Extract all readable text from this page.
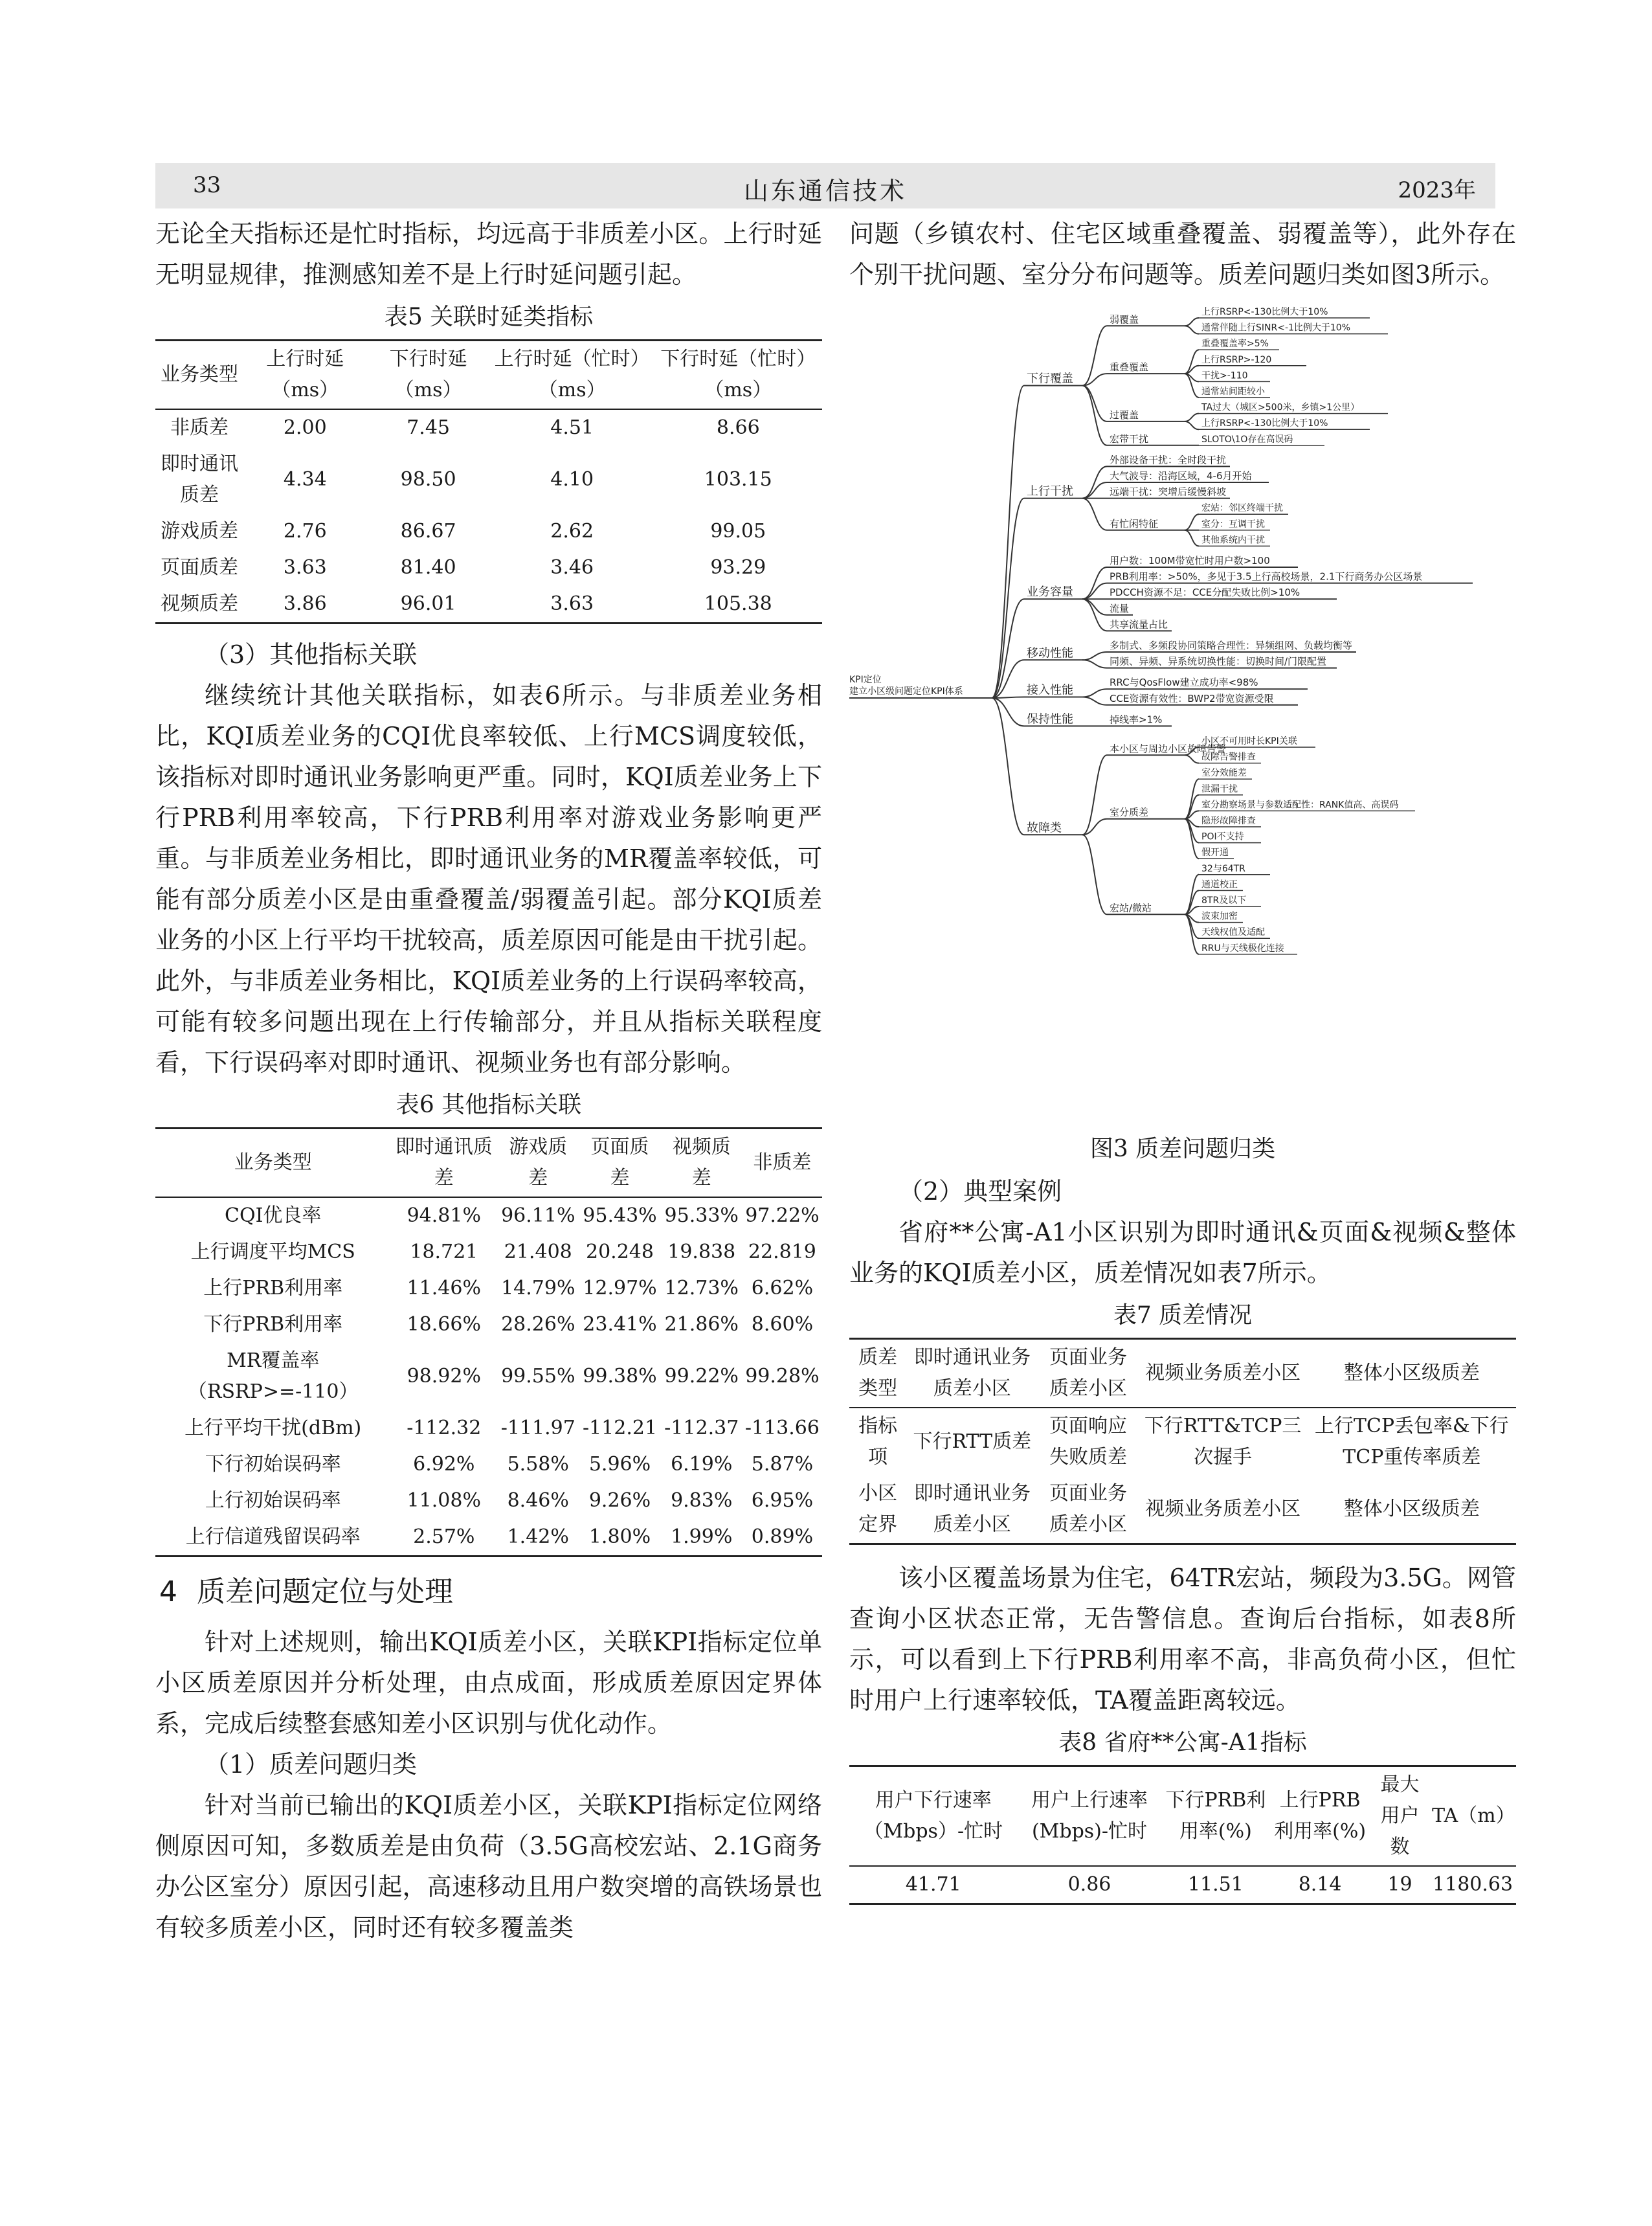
33	山东通信技术	2023年

无论全天指标还是忙时指标，均远高于非质差小区。上行时延无明显规律，推测感知差不是上行时延问题引起。

表5 关联时延类指标
业务类型	上行时延（ms）	下行时延（ms）	上行时延（忙时）（ms）	下行时延（忙时）（ms）
非质差	2.00	7.45	4.51	8.66
即时通讯质差	4.34	98.50	4.10	103.15
游戏质差	2.76	86.67	2.62	99.05
页面质差	3.63	81.40	3.46	93.29
视频质差	3.86	96.01	3.63	105.38
（3）其他指标关联

继续统计其他关联指标，如表6所示。与非质差业务相比，KQI质差业务的CQI优良率较低、上行MCS调度较低，该指标对即时通讯业务影响更严重。同时，KQI质差业务上下行PRB利用率较高，下行PRB利用率对游戏业务影响更严重。与非质差业务相比，即时通讯业务的MR覆盖率较低，可能有部分质差小区是由重叠覆盖/弱覆盖引起。部分KQI质差业务的小区上行平均干扰较高，质差原因可能是由干扰引起。此外，与非质差业务相比，KQI质差业务的上行误码率较高，可能有较多问题出现在上行传输部分，并且从指标关联程度看，下行误码率对即时通讯、视频业务也有部分影响。

表6 其他指标关联
业务类型	即时通讯质差	游戏质差	页面质差	视频质差	非质差
CQI优良率	94.81%	96.11%	95.43%	95.33%	97.22%
上行调度平均MCS	18.721	21.408	20.248	19.838	22.819
上行PRB利用率	11.46%	14.79%	12.97%	12.73%	6.62%
下行PRB利用率	18.66%	28.26%	23.41%	21.86%	8.60%
MR覆盖率（RSRP>=-110）	98.92%	99.55%	99.38%	99.22%	99.28%
上行平均干扰(dBm)	-112.32	-111.97	-112.21	-112.37	-113.66
下行初始误码率	6.92%	5.58%	5.96%	6.19%	5.87%
上行初始误码率	11.08%	8.46%	9.26%	9.83%	6.95%
上行信道残留误码率	2.57%	1.42%	1.80%	1.99%	0.89%
4 质差问题定位与处理

针对上述规则，输出KQI质差小区，关联KPI指标定位单小区质差原因并分析处理，由点成面，形成质差原因定界体系，完成后续整套感知差小区识别与优化动作。

（1）质差问题归类

针对当前已输出的KQI质差小区，关联KPI指标定位网络侧原因可知，多数质差是由负荷（3.5G高校宏站、2.1G商务办公区室分）原因引起，高速移动且用户数突增的高铁场景也有较多质差小区，同时还有较多覆盖类

问题（乡镇农村、住宅区域重叠覆盖、弱覆盖等），此外存在个别干扰问题、室分分布问题等。质差问题归类如图3所示。

KPI定位
建立小区级问题定位KPI体系
下行覆盖
弱覆盖
上行RSRP<-130比例大于10%
通常伴随上行SINR<-1比例大于10%
重叠覆盖
重叠覆盖率>5%
上行RSRP>-120
干扰>-110
通常站间距较小
过覆盖
TA过大（城区>500米，乡镇>1公里）
上行RSRP<-130比例大于10%
宏带干扰	SLOTO\1O存在高误码
上行干扰
外部设备干扰：全时段干扰
大气波导：沿海区域，4-6月开始
远端干扰：突增后缓慢斜坡
有忙闲特征
宏站：邻区终端干扰
室分：互调干扰
其他系统内干扰
业务容量
用户数：100M带宽忙时用户数>100
PRB利用率：>50%，多见于3.5上行高校场景，2.1下行商务办公区场景
PDCCH资源不足：CCE分配失败比例>10%
流量
共享流量占比
移动性能
多制式、多频段协同策略合理性：异频组网、负载均衡等
同频、异频、异系统切换性能：切换时间/门限配置
接入性能
RRC与QosFlow建立成功率<98%
CCE资源有效性：BWP2带宽资源受限
保持性能	掉线率>1%
故障类
本小区与周边小区故障告警
小区不可用时长KPI关联
故障告警排查
室分质差
室分效能差
泄漏干扰
室分勘察场景与参数适配性：RANK值高、高误码
隐形故障排查
POI不支持
假开通
宏站/微站
32与64TR
通道校正
8TR及以下
波束加密
天线权值及适配
RRU与天线极化连接
图3 质差问题归类
（2）典型案例

省府**公寓-A1小区识别为即时通讯&页面&视频&整体业务的KQI质差小区，质差情况如表7所示。

表7 质差情况
质差类型	即时通讯业务质差小区	页面业务质差小区	视频业务质差小区	整体小区级质差
指标项	下行RTT质差	页面响应失败质差	下行RTT&TCP三次握手	上行TCP丢包率&下行TCP重传率质差
小区定界	即时通讯业务质差小区	页面业务质差小区	视频业务质差小区	整体小区级质差

该小区覆盖场景为住宅，64TR宏站，频段为3.5G。网管查询小区状态正常，无告警信息。查询后台指标，如表8所示，可以看到上下行PRB利用率不高，非高负荷小区，但忙时用户上行速率较低，TA覆盖距离较远。

表8 省府**公寓-A1指标
用户下行速率（Mbps）-忙时	用户上行速率(Mbps)-忙时	下行PRB利用率(%)	上行PRB利用率(%)	最大用户数	TA（m）
41.71	0.86	11.51	8.14	19	1180.63
